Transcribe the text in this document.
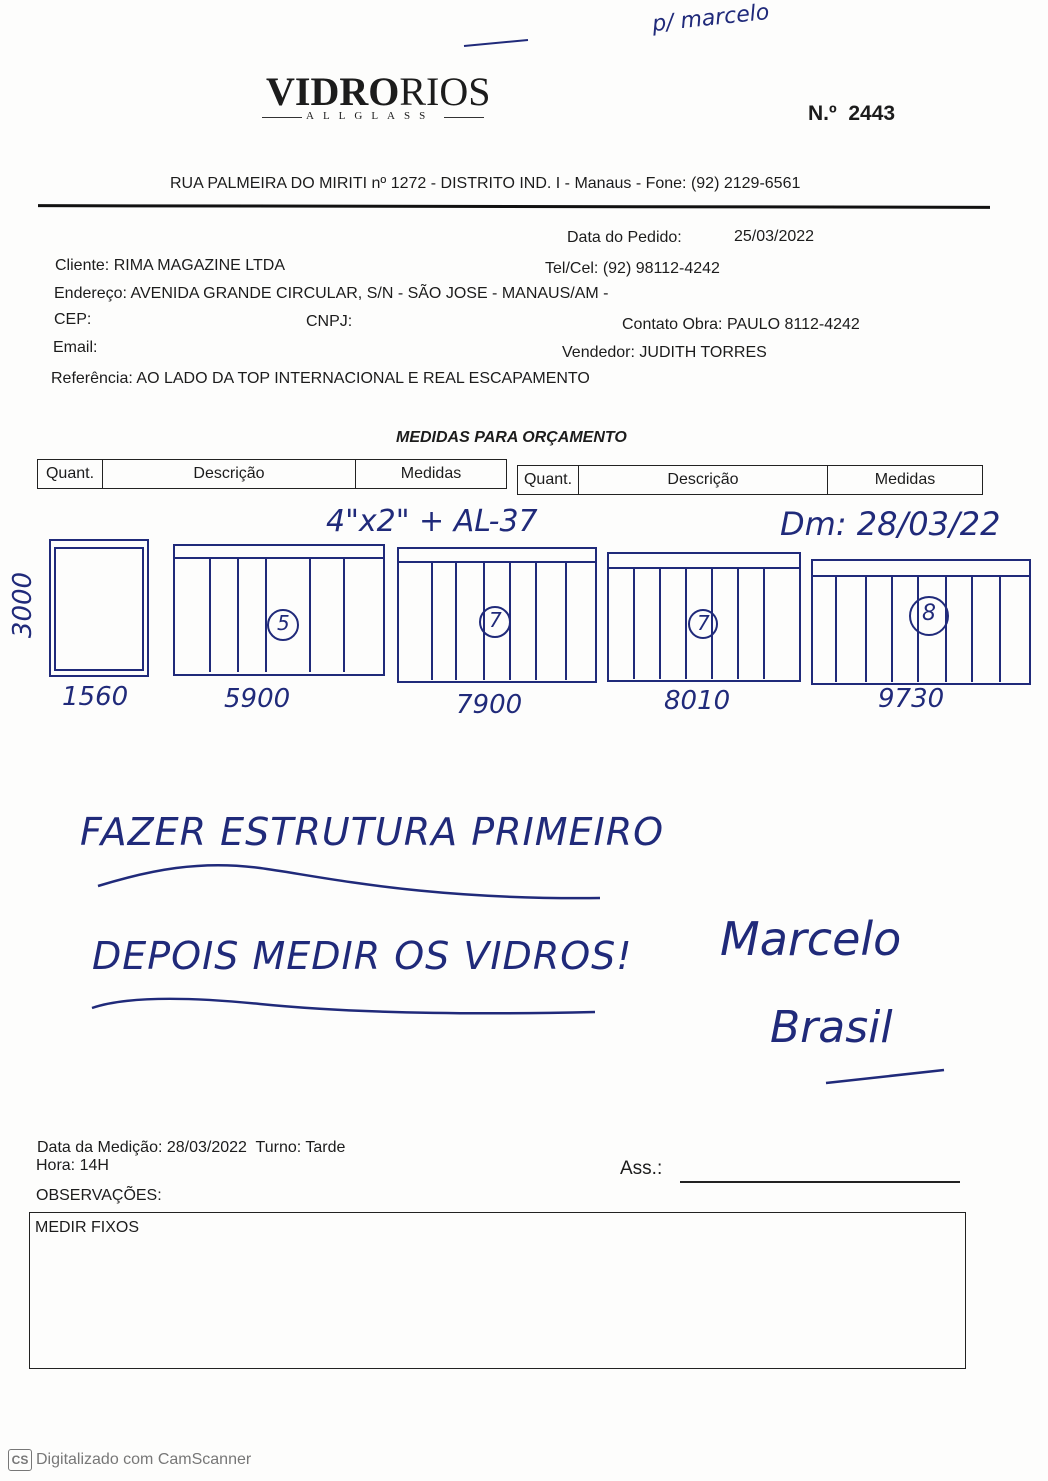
p/ marcelo
VIDRORIOS
ALLGLASS	N.º 2443
RUA PALMEIRA DO MIRITI nº 1272 - DISTRITO IND. I - Manaus - Fone: (92) 2129-6561
Data do Pedido:	25/03/2022
Cliente: RIMA MAGAZINE LTDA	Tel/Cel: (92) 98112-4242
Endereço: AVENIDA GRANDE CIRCULAR, S/N - SÃO JOSE - MANAUS/AM -
CEP:	CNPJ:	Contato Obra: PAULO 8112-4242
Email:	Vendedor: JUDITH TORRES
Referência: AO LADO DA TOP INTERNACIONAL E REAL ESCAPAMENTO
MEDIDAS PARA ORÇAMENTO
Quant.	Descrição	Medidas	Quant.	Descrição	Medidas
4"x2" + AL-37	Dm: 28/03/22
3000	5	7	7	8
1560	5900	7900	8010	9730
FAZER ESTRUTURA PRIMEIRO
DEPOIS MEDIR OS VIDROS! Marcelo
Brasil
Data da Medição: 28/03/2022 Turno: Tarde
Hora: 14H	Ass.:
OBSERVAÇÕES:
MEDIR FIXOS
CS Digitalizado com CamScanner
